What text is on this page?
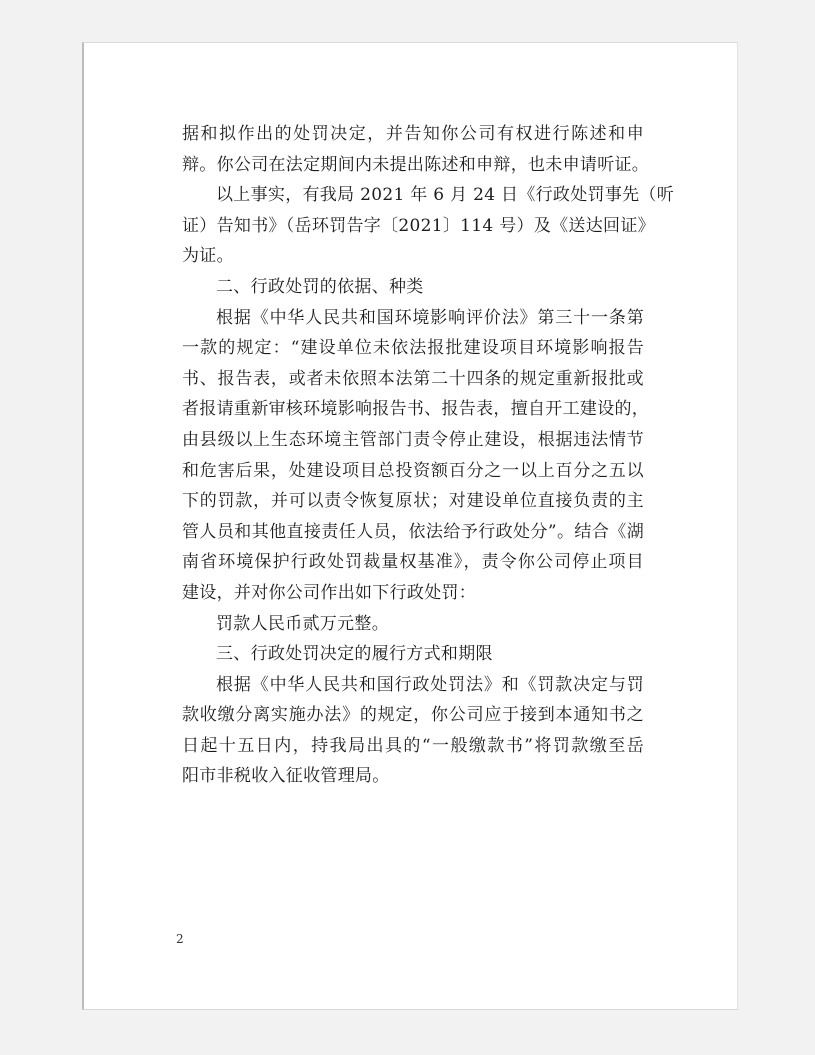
据和拟作出的处罚决定，并告知你公司有权进行陈述和申
辩。你公司在法定期间内未提出陈述和申辩，也未申请听证。
以上事实，有我局 2021 年 6 月 24 日《行政处罚事先（听
证）告知书》（岳环罚告字〔2021〕114 号）及《送达回证》
为证。
二、行政处罚的依据、种类
根据《中华人民共和国环境影响评价法》第三十一条第
一款的规定：“建设单位未依法报批建设项目环境影响报告
书、报告表，或者未依照本法第二十四条的规定重新报批或
者报请重新审核环境影响报告书、报告表，擅自开工建设的，
由县级以上生态环境主管部门责令停止建设，根据违法情节
和危害后果，处建设项目总投资额百分之一以上百分之五以
下的罚款，并可以责令恢复原状；对建设单位直接负责的主
管人员和其他直接责任人员，依法给予行政处分”。结合《湖
南省环境保护行政处罚裁量权基准》，责令你公司停止项目
建设，并对你公司作出如下行政处罚：
罚款人民币贰万元整。
三、行政处罚决定的履行方式和期限
根据《中华人民共和国行政处罚法》和《罚款决定与罚
款收缴分离实施办法》的规定，你公司应于接到本通知书之
日起十五日内，持我局出具的“一般缴款书”将罚款缴至岳
阳市非税收入征收管理局。
2
